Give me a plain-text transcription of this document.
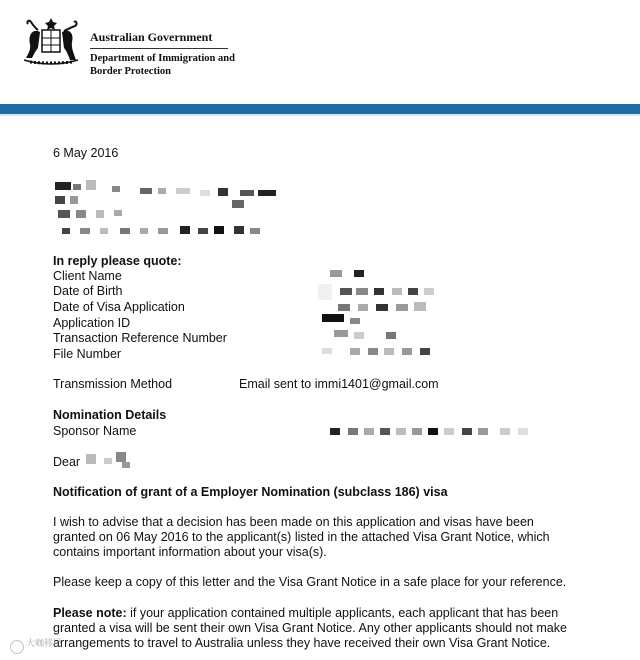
Australian Government
Department of Immigration and Border Protection
6 May 2016
In reply please quote:
Client Name
Date of Birth
Date of Visa Application
Application ID
Transaction Reference Number
File Number
Transmission Method	Email sent to immi1401@gmail.com
Nomination Details
Sponsor Name
Dear
Notification of grant of a Employer Nomination (subclass 186) visa
I wish to advise that a decision has been made on this application and visas have been
granted on 06 May 2016 to the applicant(s) listed in the attached Visa Grant Notice, which
contains important information about your visa(s).
Please keep a copy of this letter and the Visa Grant Notice in a safe place for your reference.
Please note: if your application contained multiple applicants, each applicant that has been
granted a visa will be sent their own Visa Grant Notice. Any other applicants should not make
arrangements to travel to Australia unless they have received their own Visa Grant Notice.
大咖移民
